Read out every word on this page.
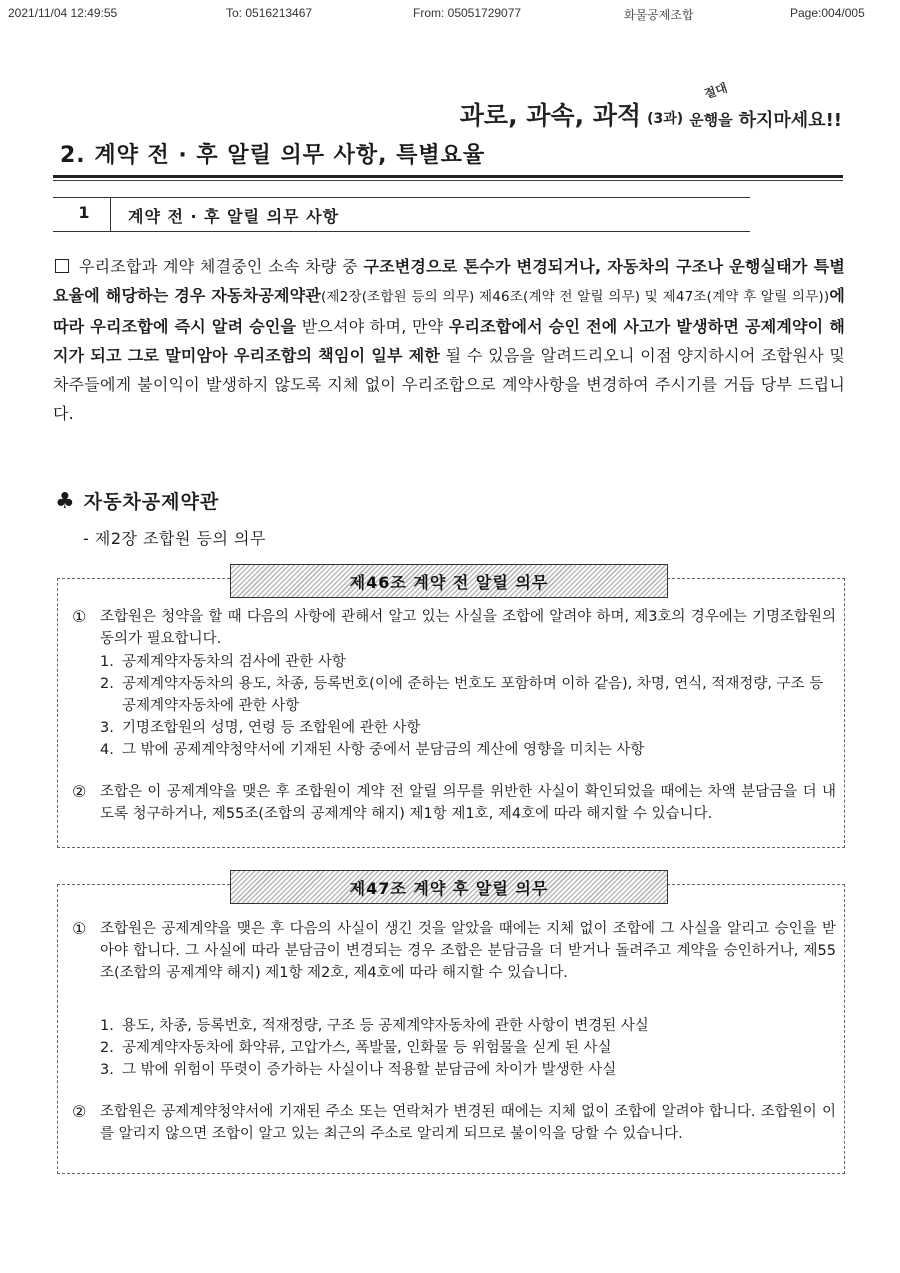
2021/11/04 12:49:55	To: 0516213467	From: 05051729077	화물공제조합	Page:004/005
과로, 과속, 과적 (3과) 운행을
절대
하지마세요!!
2. 계약 전 · 후 알릴 의무 사항, 특별요율
1	계약 전 · 후 알릴 의무 사항
우리조합과 계약 체결중인 소속 차량 중 구조변경으로 톤수가 변경되거나, 자동차의 구조나 운행실태가 특별요율에 해당하는 경우 자동차공제약관(제2장(조합원 등의 의무) 제46조(계약 전 알릴 의무) 및 제47조(계약 후 알릴 의무))에 따라 우리조합에 즉시 알려 승인을 받으셔야 하며, 만약 우리조합에서 승인 전에 사고가 발생하면 공제계약이 해지가 되고 그로 말미암아 우리조합의 책임이 일부 제한 될 수 있음을 알려드리오니 이점 양지하시어 조합원사 및 차주들에게 불이익이 발생하지 않도록 지체 없이 우리조합으로 계약사항을 변경하여 주시기를 거듭 당부 드립니다.
♣ 자동차공제약관
- 제2장 조합원 등의 의무
제46조 계약 전 알릴 의무
① 조합원은 청약을 할 때 다음의 사항에 관해서 알고 있는 사실을 조합에 알려야 하며, 제3호의 경우에는 기명조합원의 동의가 필요합니다.
1. 공제계약자동차의 검사에 관한 사항
2. 공제계약자동차의 용도, 차종, 등록번호(이에 준하는 번호도 포함하며 이하 같음), 차명, 연식, 적재정량, 구조 등 공제계약자동차에 관한 사항
3. 기명조합원의 성명, 연령 등 조합원에 관한 사항
4. 그 밖에 공제계약청약서에 기재된 사항 중에서 분담금의 계산에 영향을 미치는 사항
② 조합은 이 공제계약을 맺은 후 조합원이 계약 전 알릴 의무를 위반한 사실이 확인되었을 때에는 차액 분담금을 더 내도록 청구하거나, 제55조(조합의 공제계약 해지) 제1항 제1호, 제4호에 따라 해지할 수 있습니다.
제47조 계약 후 알릴 의무
① 조합원은 공제계약을 맺은 후 다음의 사실이 생긴 것을 알았을 때에는 지체 없이 조합에 그 사실을 알리고 승인을 받아야 합니다. 그 사실에 따라 분담금이 변경되는 경우 조합은 분담금을 더 받거나 돌려주고 계약을 승인하거나, 제55조(조합의 공제계약 해지) 제1항 제2호, 제4호에 따라 해지할 수 있습니다.
1. 용도, 차종, 등록번호, 적재정량, 구조 등 공제계약자동차에 관한 사항이 변경된 사실
2. 공제계약자동차에 화약류, 고압가스, 폭발물, 인화물 등 위험물을 싣게 된 사실
3. 그 밖에 위험이 뚜렷이 증가하는 사실이나 적용할 분담금에 차이가 발생한 사실
② 조합원은 공제계약청약서에 기재된 주소 또는 연락처가 변경된 때에는 지체 없이 조합에 알려야 합니다. 조합원이 이를 알리지 않으면 조합이 알고 있는 최근의 주소로 알리게 되므로 불이익을 당할 수 있습니다.
